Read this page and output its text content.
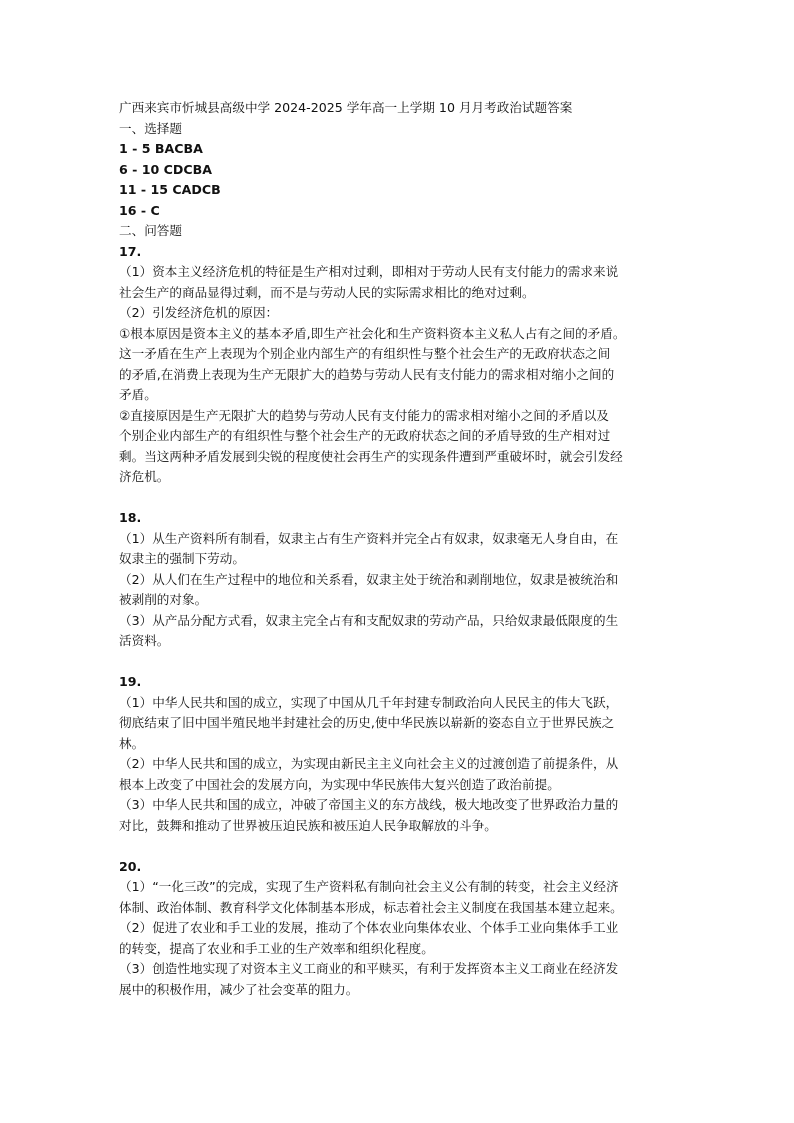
广西来宾市忻城县高级中学 2024-2025 学年高一上学期 10 月月考政治试题答案
一、选择题
1 - 5 BACBA
6 - 10 CDCBA
11 - 15 CADCB
16 - C
二、问答题
17.
（1）资本主义经济危机的特征是生产相对过剩，即相对于劳动人民有支付能力的需求来说
社会生产的商品显得过剩，而不是与劳动人民的实际需求相比的绝对过剩。
（2）引发经济危机的原因：
①根本原因是资本主义的基本矛盾,即生产社会化和生产资料资本主义私人占有之间的矛盾。
这一矛盾在生产上表现为个别企业内部生产的有组织性与整个社会生产的无政府状态之间
的矛盾,在消费上表现为生产无限扩大的趋势与劳动人民有支付能力的需求相对缩小之间的
矛盾。
②直接原因是生产无限扩大的趋势与劳动人民有支付能力的需求相对缩小之间的矛盾以及
个别企业内部生产的有组织性与整个社会生产的无政府状态之间的矛盾导致的生产相对过
剩。当这两种矛盾发展到尖锐的程度使社会再生产的实现条件遭到严重破坏时，就会引发经
济危机。
18.
（1）从生产资料所有制看，奴隶主占有生产资料并完全占有奴隶，奴隶毫无人身自由，在
奴隶主的强制下劳动。
（2）从人们在生产过程中的地位和关系看，奴隶主处于统治和剥削地位，奴隶是被统治和
被剥削的对象。
（3）从产品分配方式看，奴隶主完全占有和支配奴隶的劳动产品，只给奴隶最低限度的生
活资料。
19.
（1）中华人民共和国的成立，实现了中国从几千年封建专制政治向人民民主的伟大飞跃，
彻底结束了旧中国半殖民地半封建社会的历史,使中华民族以崭新的姿态自立于世界民族之
林。
（2）中华人民共和国的成立，为实现由新民主主义向社会主义的过渡创造了前提条件，从
根本上改变了中国社会的发展方向，为实现中华民族伟大复兴创造了政治前提。
（3）中华人民共和国的成立，冲破了帝国主义的东方战线，极大地改变了世界政治力量的
对比，鼓舞和推动了世界被压迫民族和被压迫人民争取解放的斗争。
20.
（1）“一化三改”的完成，实现了生产资料私有制向社会主义公有制的转变，社会主义经济
体制、政治体制、教育科学文化体制基本形成，标志着社会主义制度在我国基本建立起来。
（2）促进了农业和手工业的发展，推动了个体农业向集体农业、个体手工业向集体手工业
的转变，提高了农业和手工业的生产效率和组织化程度。
（3）创造性地实现了对资本主义工商业的和平赎买，有利于发挥资本主义工商业在经济发
展中的积极作用，减少了社会变革的阻力。
